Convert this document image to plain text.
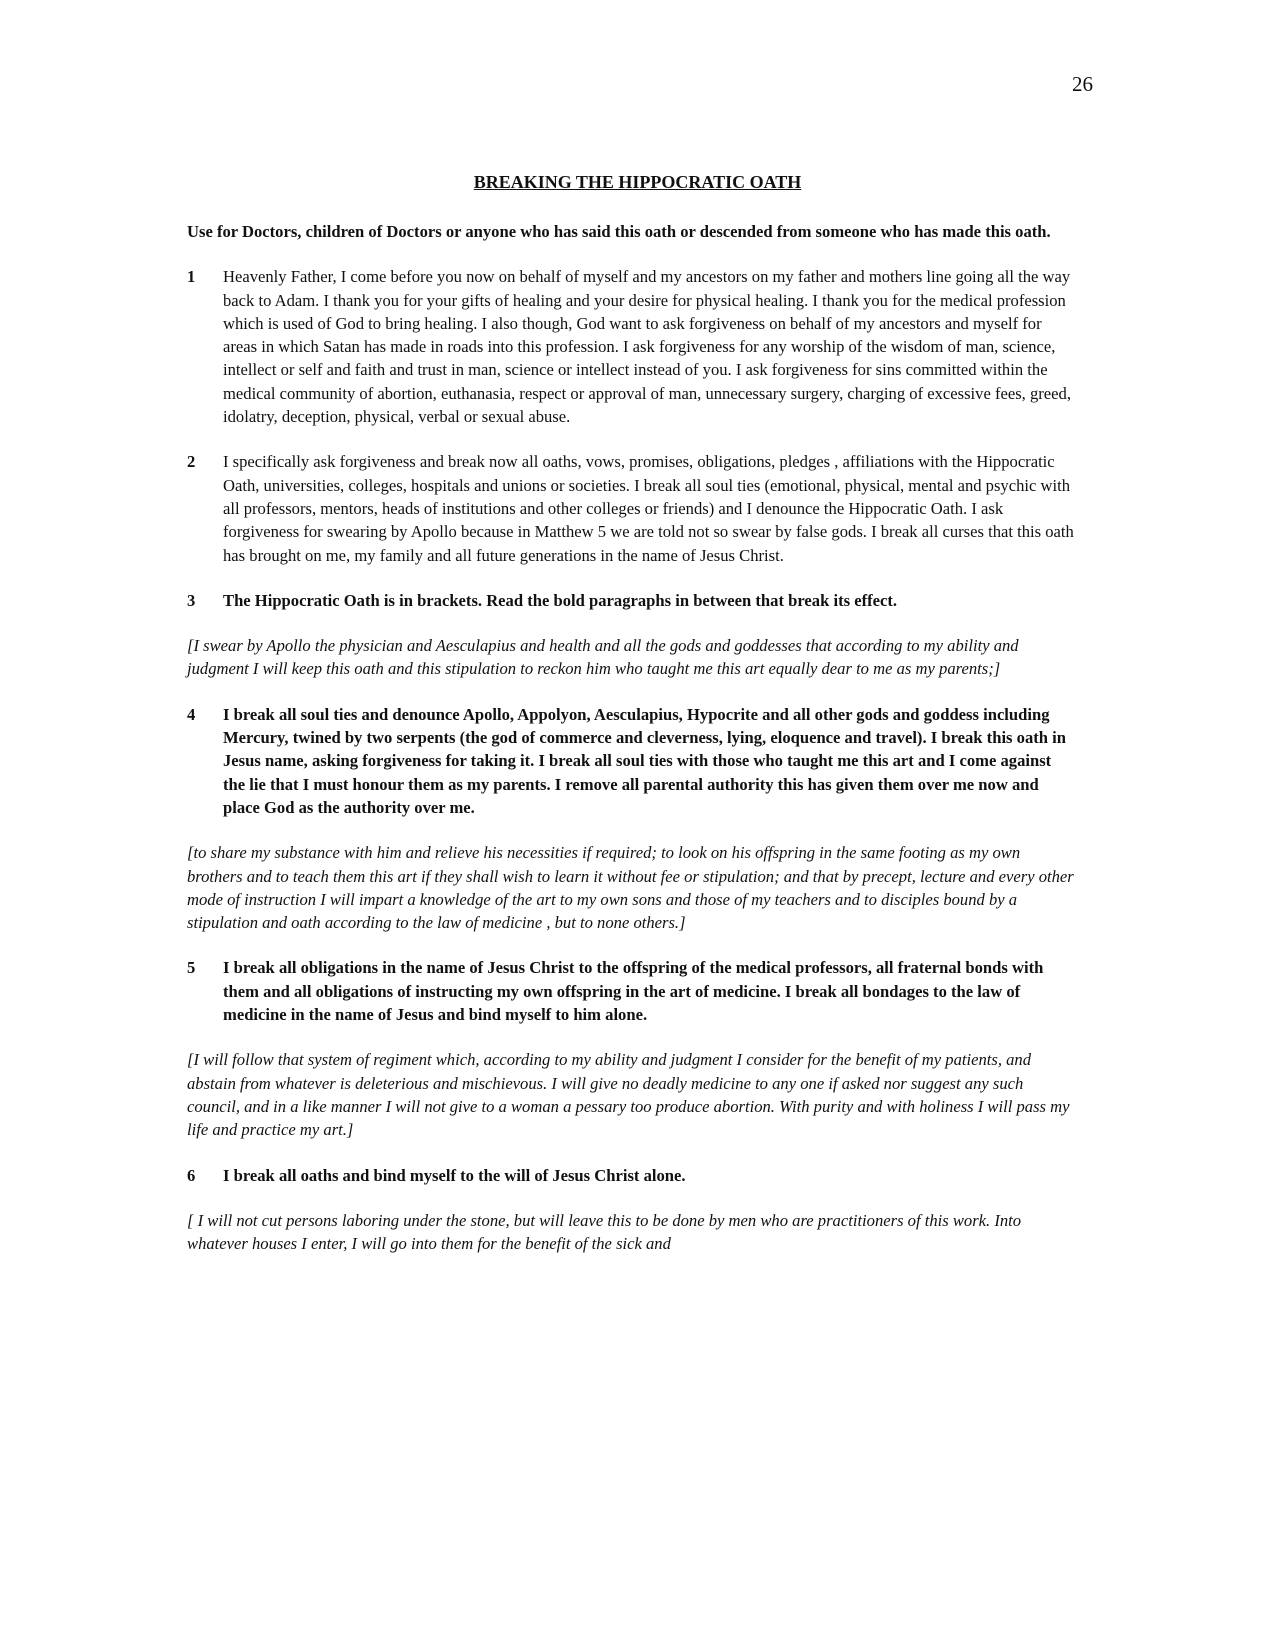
26
BREAKING THE HIPPOCRATIC OATH

Use for Doctors, children of Doctors or anyone who has said this oath or descended from someone who has made this oath.

1	Heavenly Father, I come before you now on behalf of myself and my ancestors on my father and mothers line going all the way back to Adam. I thank you for your gifts of healing and your desire for physical healing. I thank you for the medical profession which is used of God to bring healing. I also though, God want to ask forgiveness on behalf of my ancestors and myself for areas in which Satan has made in roads into this profession. I ask forgiveness for any worship of the wisdom of man, science, intellect or self and faith and trust in man, science or intellect instead of you. I ask forgiveness for sins committed within the medical community of abortion, euthanasia, respect or approval of man, unnecessary surgery, charging of excessive fees, greed, idolatry, deception, physical, verbal or sexual abuse.
2	I specifically ask forgiveness and break now all oaths, vows, promises, obligations, pledges , affiliations with the Hippocratic Oath, universities, colleges, hospitals and unions or societies. I break all soul ties (emotional, physical, mental and psychic with all professors, mentors, heads of institutions and other colleges or friends) and I denounce the Hippocratic Oath. I ask forgiveness for swearing by Apollo because in Matthew 5 we are told not so swear by false gods. I break all curses that this oath has brought on me, my family and all future generations in the name of Jesus Christ.
3	The Hippocratic Oath is in brackets. Read the bold paragraphs in between that break its effect.

[I swear by Apollo the physician and Aesculapius and health and all the gods and goddesses that according to my ability and judgment I will keep this oath and this stipulation to reckon him who taught me this art equally dear to me as my parents;]

4	I break all soul ties and denounce Apollo, Appolyon, Aesculapius, Hypocrite and all other gods and goddess including Mercury, twined by two serpents (the god of commerce and cleverness, lying, eloquence and travel). I break this oath in Jesus name, asking forgiveness for taking it. I break all soul ties with those who taught me this art and I come against the lie that I must honour them as my parents. I remove all parental authority this has given them over me now and place God as the authority over me.

[to share my substance with him and relieve his necessities if required; to look on his offspring in the same footing as my own brothers and to teach them this art if they shall wish to learn it without fee or stipulation; and that by precept, lecture and every other mode of instruction I will impart a knowledge of the art to my own sons and those of my teachers and to disciples bound by a stipulation and oath according to the law of medicine , but to none others.]

5	I break all obligations in the name of Jesus Christ to the offspring of the medical professors, all fraternal bonds with them and all obligations of instructing my own offspring in the art of medicine. I break all bondages to the law of medicine in the name of Jesus and bind myself to him alone.

[I will follow that system of regiment which, according to my ability and judgment I consider for the benefit of my patients, and abstain from whatever is deleterious and mischievous. I will give no deadly medicine to any one if asked nor suggest any such council, and in a like manner I will not give to a woman a pessary too produce abortion. With purity and with holiness I will pass my life and practice my art.]

6	I break all oaths and bind myself to the will of Jesus Christ alone.

[ I will not cut persons laboring under the stone, but will leave this to be done by men who are practitioners of this work. Into whatever houses I enter, I will go into them for the benefit of the sick and
